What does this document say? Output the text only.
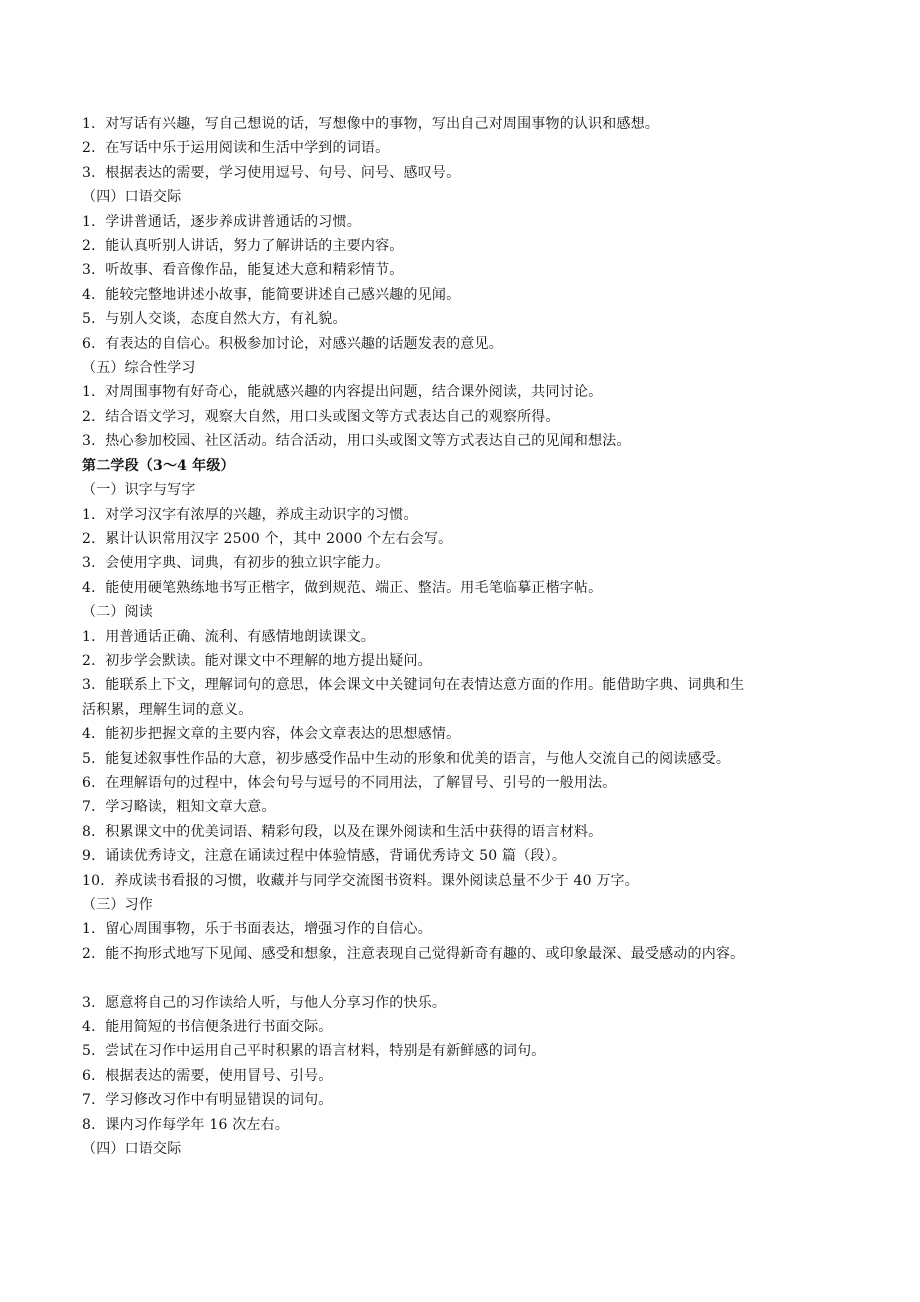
1．对写话有兴趣，写自己想说的话，写想像中的事物，写出自己对周围事物的认识和感想。
2．在写话中乐于运用阅读和生活中学到的词语。
3．根据表达的需要，学习使用逗号、句号、问号、感叹号。
（四）口语交际
1．学讲普通话，逐步养成讲普通话的习惯。
2．能认真听别人讲话，努力了解讲话的主要内容。
3．听故事、看音像作品，能复述大意和精彩情节。
4．能较完整地讲述小故事，能简要讲述自己感兴趣的见闻。
5．与别人交谈，态度自然大方，有礼貌。
6．有表达的自信心。积极参加讨论，对感兴趣的话题发表的意见。
（五）综合性学习
1．对周围事物有好奇心，能就感兴趣的内容提出问题，结合课外阅读，共同讨论。
2．结合语文学习，观察大自然，用口头或图文等方式表达自己的观察所得。
3．热心参加校园、社区活动。结合活动，用口头或图文等方式表达自己的见闻和想法。
第二学段（3～4 年级）
（一）识字与写字
1．对学习汉字有浓厚的兴趣，养成主动识字的习惯。
2．累计认识常用汉字 2500 个，其中 2000 个左右会写。
3．会使用字典、词典，有初步的独立识字能力。
4．能使用硬笔熟练地书写正楷字，做到规范、端正、整洁。用毛笔临摹正楷字帖。
（二）阅读
1．用普通话正确、流利、有感情地朗读课文。
2．初步学会默读。能对课文中不理解的地方提出疑问。
3．能联系上下文，理解词句的意思，体会课文中关键词句在表情达意方面的作用。能借助字典、词典和生
活积累，理解生词的意义。
4．能初步把握文章的主要内容，体会文章表达的思想感情。
5．能复述叙事性作品的大意，初步感受作品中生动的形象和优美的语言，与他人交流自己的阅读感受。
6．在理解语句的过程中，体会句号与逗号的不同用法，了解冒号、引号的一般用法。
7．学习略读，粗知文章大意。
8．积累课文中的优美词语、精彩句段，以及在课外阅读和生活中获得的语言材料。
9．诵读优秀诗文，注意在诵读过程中体验情感，背诵优秀诗文 50 篇（段）。
10．养成读书看报的习惯，收藏并与同学交流图书资料。课外阅读总量不少于 40 万字。
（三）习作
1．留心周围事物，乐于书面表达，增强习作的自信心。
2．能不拘形式地写下见闻、感受和想象，注意表现自己觉得新奇有趣的、或印象最深、最受感动的内容。
3．愿意将自己的习作读给人听，与他人分享习作的快乐。
4．能用简短的书信便条进行书面交际。
5．尝试在习作中运用自己平时积累的语言材料，特别是有新鲜感的词句。
6．根据表达的需要，使用冒号、引号。
7．学习修改习作中有明显错误的词句。
8．课内习作每学年 16 次左右。
（四）口语交际
